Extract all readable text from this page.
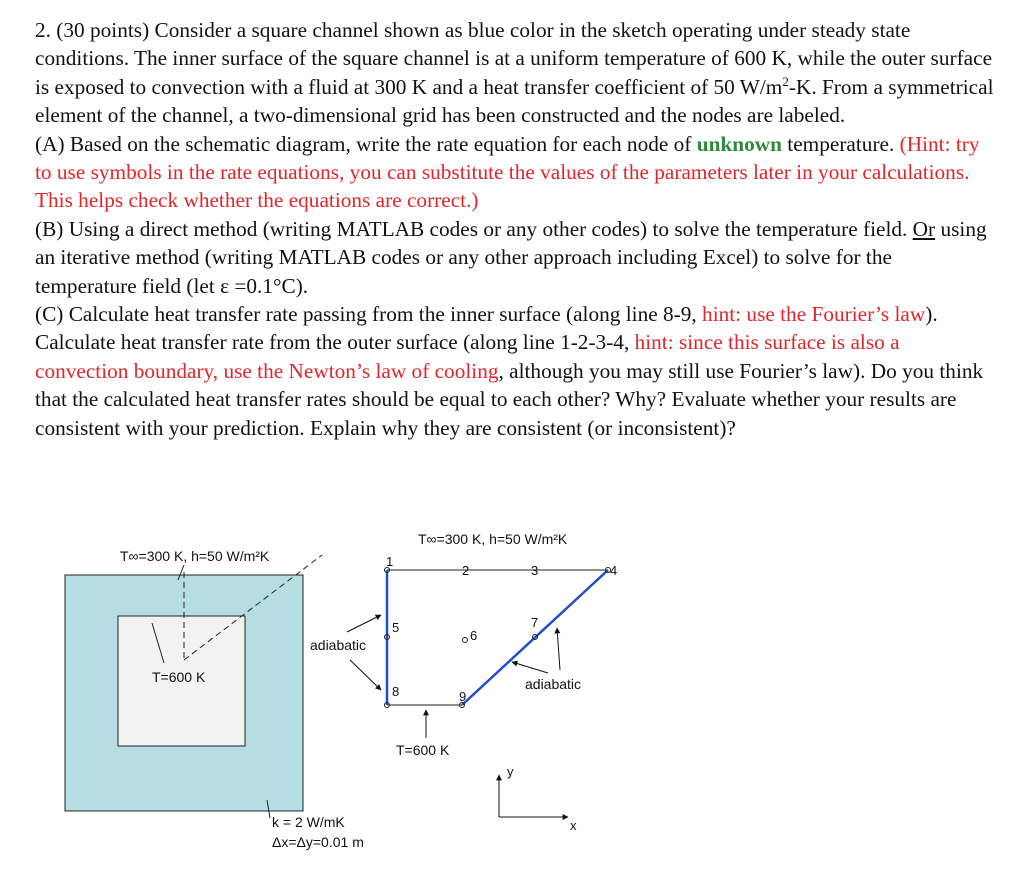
2. (30 points) Consider a square channel shown as blue color in the sketch operating under steady state conditions. The inner surface of the square channel is at a uniform temperature of 600 K, while the outer surface is exposed to convection with a fluid at 300 K and a heat transfer coefficient of 50 $W/m^2-K$. From a symmetrical element of the channel, a two-dimensional grid has been constructed and the nodes are labeled.

(A) Based on the schematic diagram, write the rate equation for each node of unknown temperature. (Hint: try to use symbols in the rate equations, you can substitute the values of the parameters later in your calculations. This helps check whether the equations are correct.)

(B) Using a direct method (writing MATLAB codes or any other codes) to solve the temperature field. Or using an iterative method (writing MATLAB codes or any other approach including Excel) to solve for the temperature field (let ε =0.1°C).

(C) Calculate heat transfer rate passing from the inner surface (along line 8-9, hint: use the Fourier’s law). Calculate heat transfer rate from the outer surface (along line 1-2-3-4, hint: since this surface is also a convection boundary, use the Newton’s law of cooling, although you may still use Fourier’s law). Do you think that the calculated heat transfer rates should be equal to each other? Why? Evaluate whether your results are consistent with your prediction. Explain why they are consistent (or inconsistent)?

T∞=300 K, h=50 W/m²K
T=600 K
adiabatic
k = 2 W/mK
Δx=Δy=0.01 m
1
2	3	4
5
6
7
8	9
T∞=300 K, h=50 W/m²K
T=600 K
adiabatic
y
x
